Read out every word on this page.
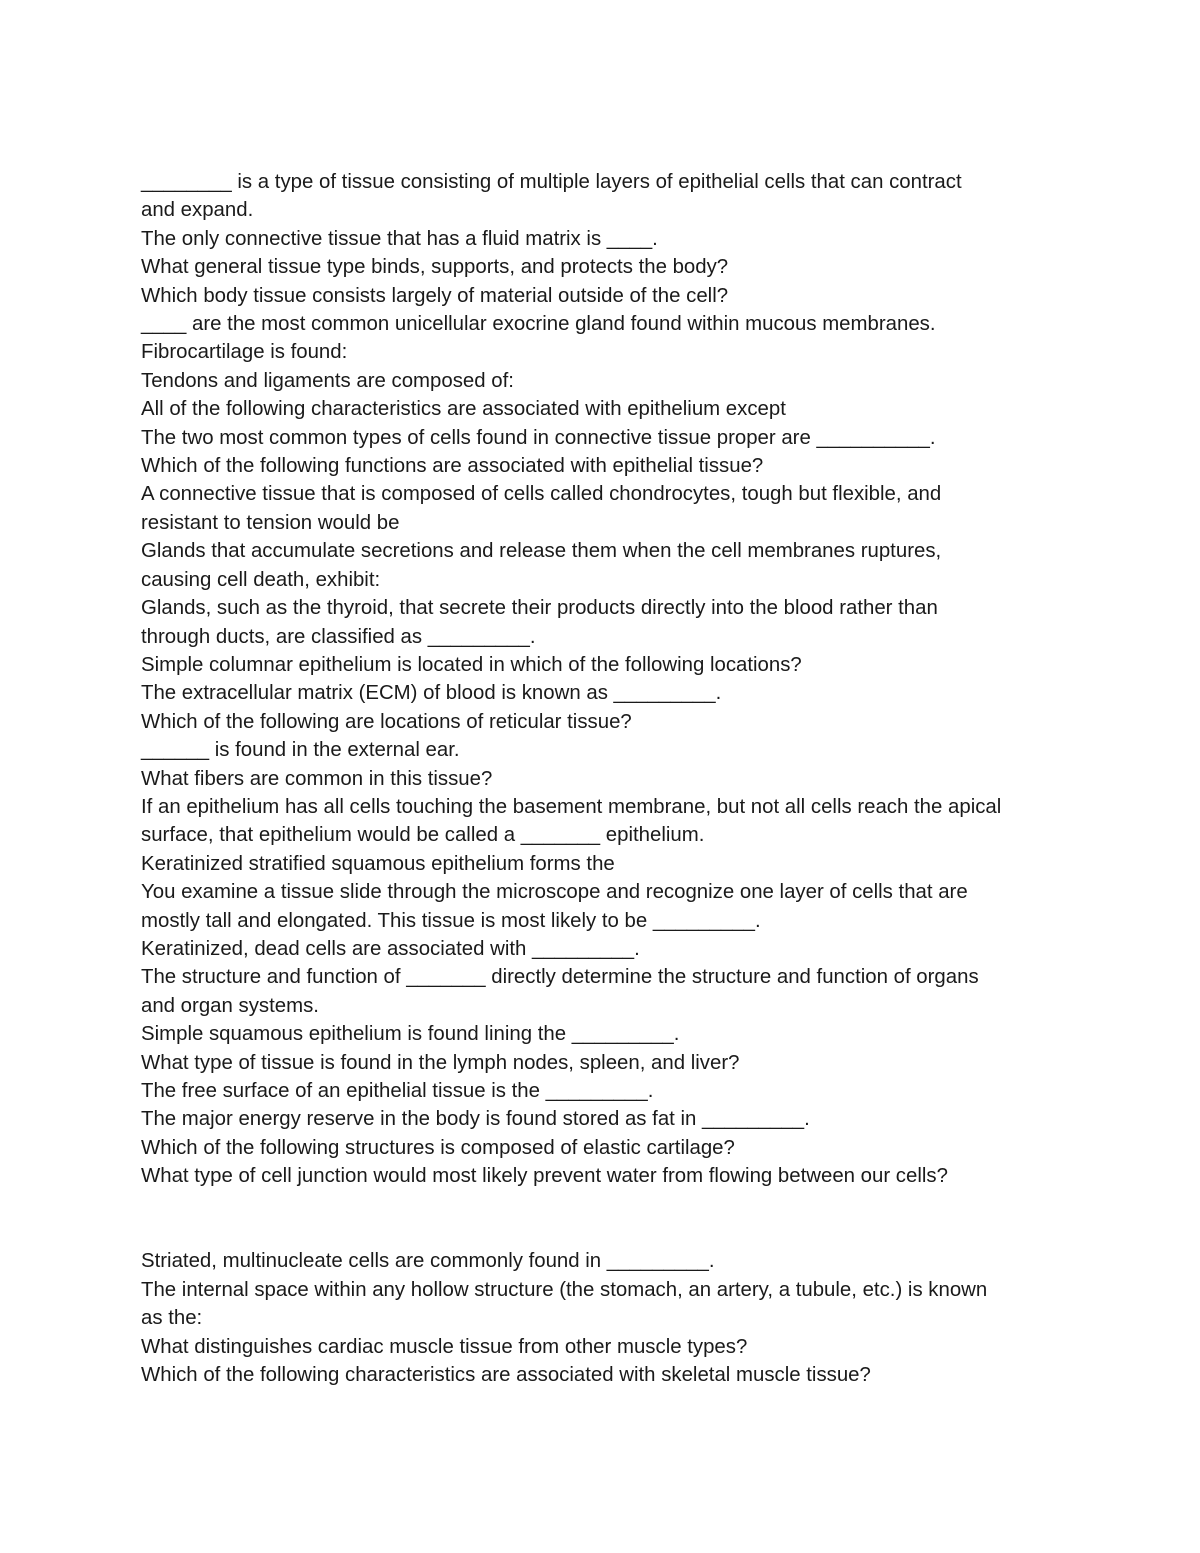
________ is a type of tissue consisting of multiple layers of epithelial cells that can contract
and expand.
The only connective tissue that has a fluid matrix is ____.
What general tissue type binds, supports, and protects the body?
Which body tissue consists largely of material outside of the cell?
____ are the most common unicellular exocrine gland found within mucous membranes.
Fibrocartilage is found:
Tendons and ligaments are composed of:
All of the following characteristics are associated with epithelium except
The two most common types of cells found in connective tissue proper are __________.
Which of the following functions are associated with epithelial tissue?
A connective tissue that is composed of cells called chondrocytes, tough but flexible, and
resistant to tension would be
Glands that accumulate secretions and release them when the cell membranes ruptures,
causing cell death, exhibit:
Glands, such as the thyroid, that secrete their products directly into the blood rather than
through ducts, are classified as _________.
Simple columnar epithelium is located in which of the following locations?
The extracellular matrix (ECM) of blood is known as _________.
Which of the following are locations of reticular tissue?
______ is found in the external ear.
What fibers are common in this tissue?
If an epithelium has all cells touching the basement membrane, but not all cells reach the apical
surface, that epithelium would be called a _______ epithelium.
Keratinized stratified squamous epithelium forms the
You examine a tissue slide through the microscope and recognize one layer of cells that are
mostly tall and elongated. This tissue is most likely to be _________.
Keratinized, dead cells are associated with _________.
The structure and function of _______ directly determine the structure and function of organs
and organ systems.
Simple squamous epithelium is found lining the _________.
What type of tissue is found in the lymph nodes, spleen, and liver?
The free surface of an epithelial tissue is the _________.
The major energy reserve in the body is found stored as fat in _________.
Which of the following structures is composed of elastic cartilage?
What type of cell junction would most likely prevent water from flowing between our cells?
Striated, multinucleate cells are commonly found in _________.
The internal space within any hollow structure (the stomach, an artery, a tubule, etc.) is known
as the:
What distinguishes cardiac muscle tissue from other muscle types?
Which of the following characteristics are associated with skeletal muscle tissue?
